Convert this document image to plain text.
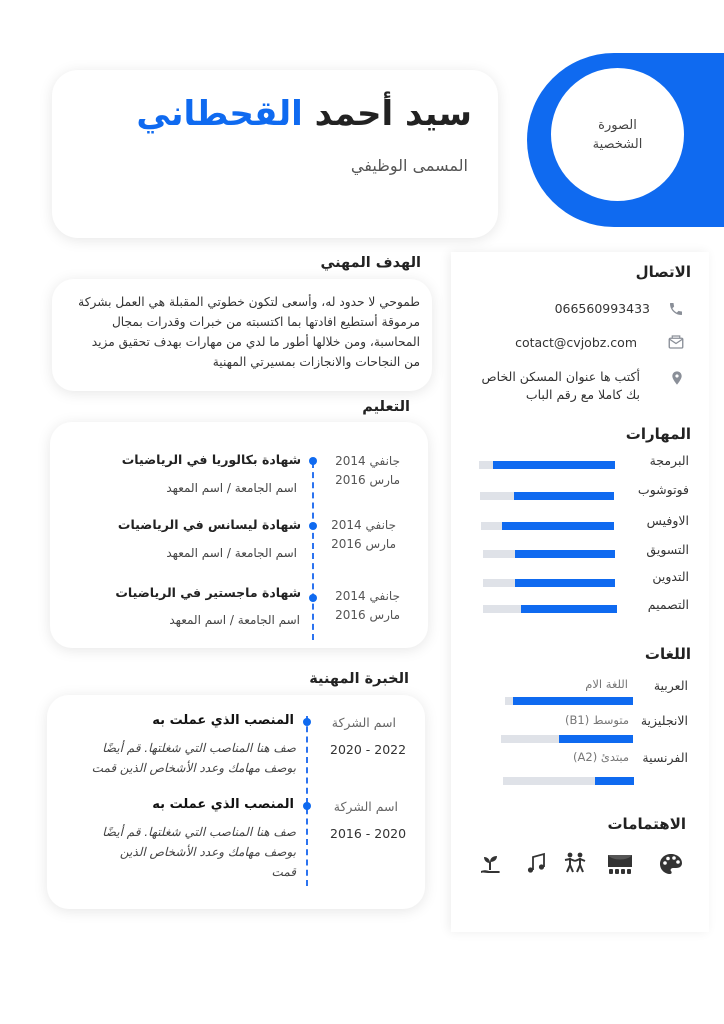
الصورة الشخصية
سيد أحمد القحطاني
المسمى الوظيفي
الاتصال
066560993433
cotact@cvjobz.com
أكتب ها عنوان المسكن الخاص بك كاملا مع رقم الباب
المهارات
البرمجة
فوتوشوب
الاوفيس
التسويق
التدوين
التصميم
اللغات
العربية
اللغة الام
الانجليزية
متوسط (B1)
الفرنسية
مبتدئ (A2)
الاهتمامات
الهدف المهني
طموحي لا حدود له، وأسعى لتكون خطوتي المقبلة هي العمل بشركة مرموقة أستطيع افادتها بما اكتسبته من خبرات وقدرات بمجال المحاسبة، ومن خلالها أطور ما لدي من مهارات بهدف تحقيق مزيد من النجاحات والانجازات بمسيرتي المهنية
التعليم
جانفي 2014
مارس 2016
شهادة بكالوريا في الرياضيات
اسم الجامعة / اسم المعهد
جانفي 2014
مارس 2016
شهادة ليسانس في الرياضيات
اسم الجامعة / اسم المعهد
جانفي 2014
مارس 2016
شهادة ماجستير في الرياضيات
اسم الجامعة / اسم المعهد
الخبرة المهنية
اسم الشركة
2020 - 2022
المنصب الذي عملت به
صف هنا المناصب التي شغلتها. قم أيضًا بوصف مهامك وعدد الأشخاص الذين قمت
اسم الشركة
2016 - 2020
المنصب الذي عملت به
صف هنا المناصب التي شغلتها. قم أيضًا بوصف مهامك وعدد الأشخاص الذين قمت
